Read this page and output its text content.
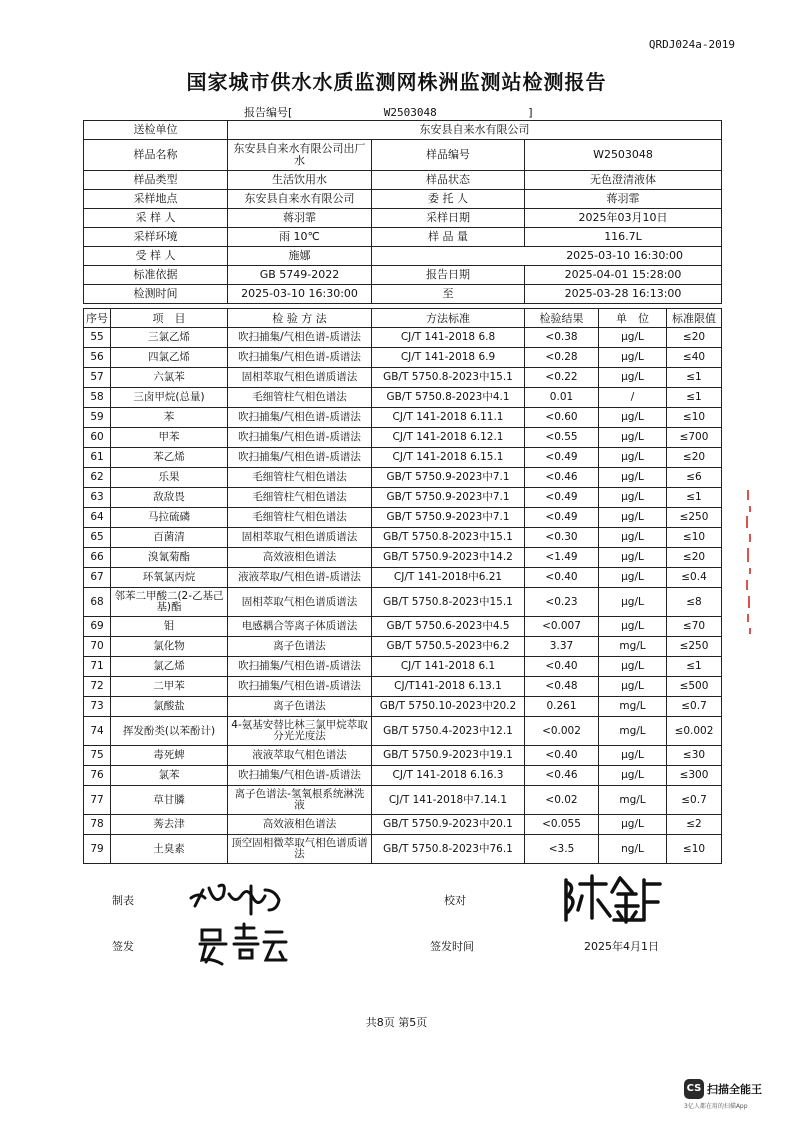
QRDJ024a-2019
国家城市供水水质监测网株洲监测站检测报告
报告编号[	W2503048	]
送检单位	东安县自来水有限公司		
样品名称	东安县自来水有限公司出厂水	样品编号	W2503048
样品类型	生活饮用水	样品状态	无色澄清液体
采样地点	东安县自来水有限公司	委 托 人	蒋羽霏
采 样 人	蒋羽霏	采样日期	2025年03月10日
采样环境	雨 10℃	样 品 量	116.7L
受 样 人	施娜	2025-03-10 16:30:00	
标准依据	GB 5749-2022	报告日期	2025-04-01 15:28:00
检测时间	2025-03-10 16:30:00	至	2025-03-28 16:13:00
序号	项　目	检 验 方 法	方法标准	检验结果	单　位	标准限值
55	三氯乙烯	吹扫捕集/气相色谱-质谱法	CJ/T 141-2018 6.8	<0.38	μg/L	≤20
56	四氯乙烯	吹扫捕集/气相色谱-质谱法	CJ/T 141-2018 6.9	<0.28	μg/L	≤40
57	六氯苯	固相萃取气相色谱质谱法	GB/T 5750.8-2023中15.1	<0.22	μg/L	≤1
58	三卤甲烷(总量)	毛细管柱气相色谱法	GB/T 5750.8-2023中4.1	0.01	/	≤1
59	苯	吹扫捕集/气相色谱-质谱法	CJ/T 141-2018 6.11.1	<0.60	μg/L	≤10
60	甲苯	吹扫捕集/气相色谱-质谱法	CJ/T 141-2018 6.12.1	<0.55	μg/L	≤700
61	苯乙烯	吹扫捕集/气相色谱-质谱法	CJ/T 141-2018 6.15.1	<0.49	μg/L	≤20
62	乐果	毛细管柱气相色谱法	GB/T 5750.9-2023中7.1	<0.46	μg/L	≤6
63	敌敌畏	毛细管柱气相色谱法	GB/T 5750.9-2023中7.1	<0.49	μg/L	≤1
64	马拉硫磷	毛细管柱气相色谱法	GB/T 5750.9-2023中7.1	<0.49	μg/L	≤250
65	百菌清	固相萃取气相色谱质谱法	GB/T 5750.8-2023中15.1	<0.30	μg/L	≤10
66	溴氰菊酯	高效液相色谱法	GB/T 5750.9-2023中14.2	<1.49	μg/L	≤20
67	环氧氯丙烷	液液萃取/气相色谱-质谱法	CJ/T 141-2018中6.21	<0.40	μg/L	≤0.4
68	邻苯二甲酸二(2-乙基己基)酯	固相萃取气相色谱质谱法	GB/T 5750.8-2023中15.1	<0.23	μg/L	≤8
69	钼	电感耦合等离子体质谱法	GB/T 5750.6-2023中4.5	<0.007	μg/L	≤70
70	氯化物	离子色谱法	GB/T 5750.5-2023中6.2	3.37	mg/L	≤250
71	氯乙烯	吹扫捕集/气相色谱-质谱法	CJ/T 141-2018 6.1	<0.40	μg/L	≤1
72	二甲苯	吹扫捕集/气相色谱-质谱法	CJ/T141-2018 6.13.1	<0.48	μg/L	≤500
73	氯酸盐	离子色谱法	GB/T 5750.10-2023中20.2	0.261	mg/L	≤0.7
74	挥发酚类(以苯酚计)	4-氨基安替比林三氯甲烷萃取分光光度法	GB/T 5750.4-2023中12.1	<0.002	mg/L	≤0.002
75	毒死蜱	液液萃取气相色谱法	GB/T 5750.9-2023中19.1	<0.40	μg/L	≤30
76	氯苯	吹扫捕集/气相色谱-质谱法	CJ/T 141-2018 6.16.3	<0.46	μg/L	≤300
77	草甘膦	离子色谱法-氢氧根系统淋洗液	CJ/T 141-2018中7.14.1	<0.02	mg/L	≤0.7
78	莠去津	高效液相色谱法	GB/T 5750.9-2023中20.1	<0.055	μg/L	≤2
79	土臭素	顶空固相微萃取气相色谱质谱法	GB/T 5750.8-2023中76.1	<3.5	ng/L	≤10
制表	校对
签发	签发时间	2025年4月1日
共8页 第5页
CS 扫描全能王
3亿人都在用的扫描App
